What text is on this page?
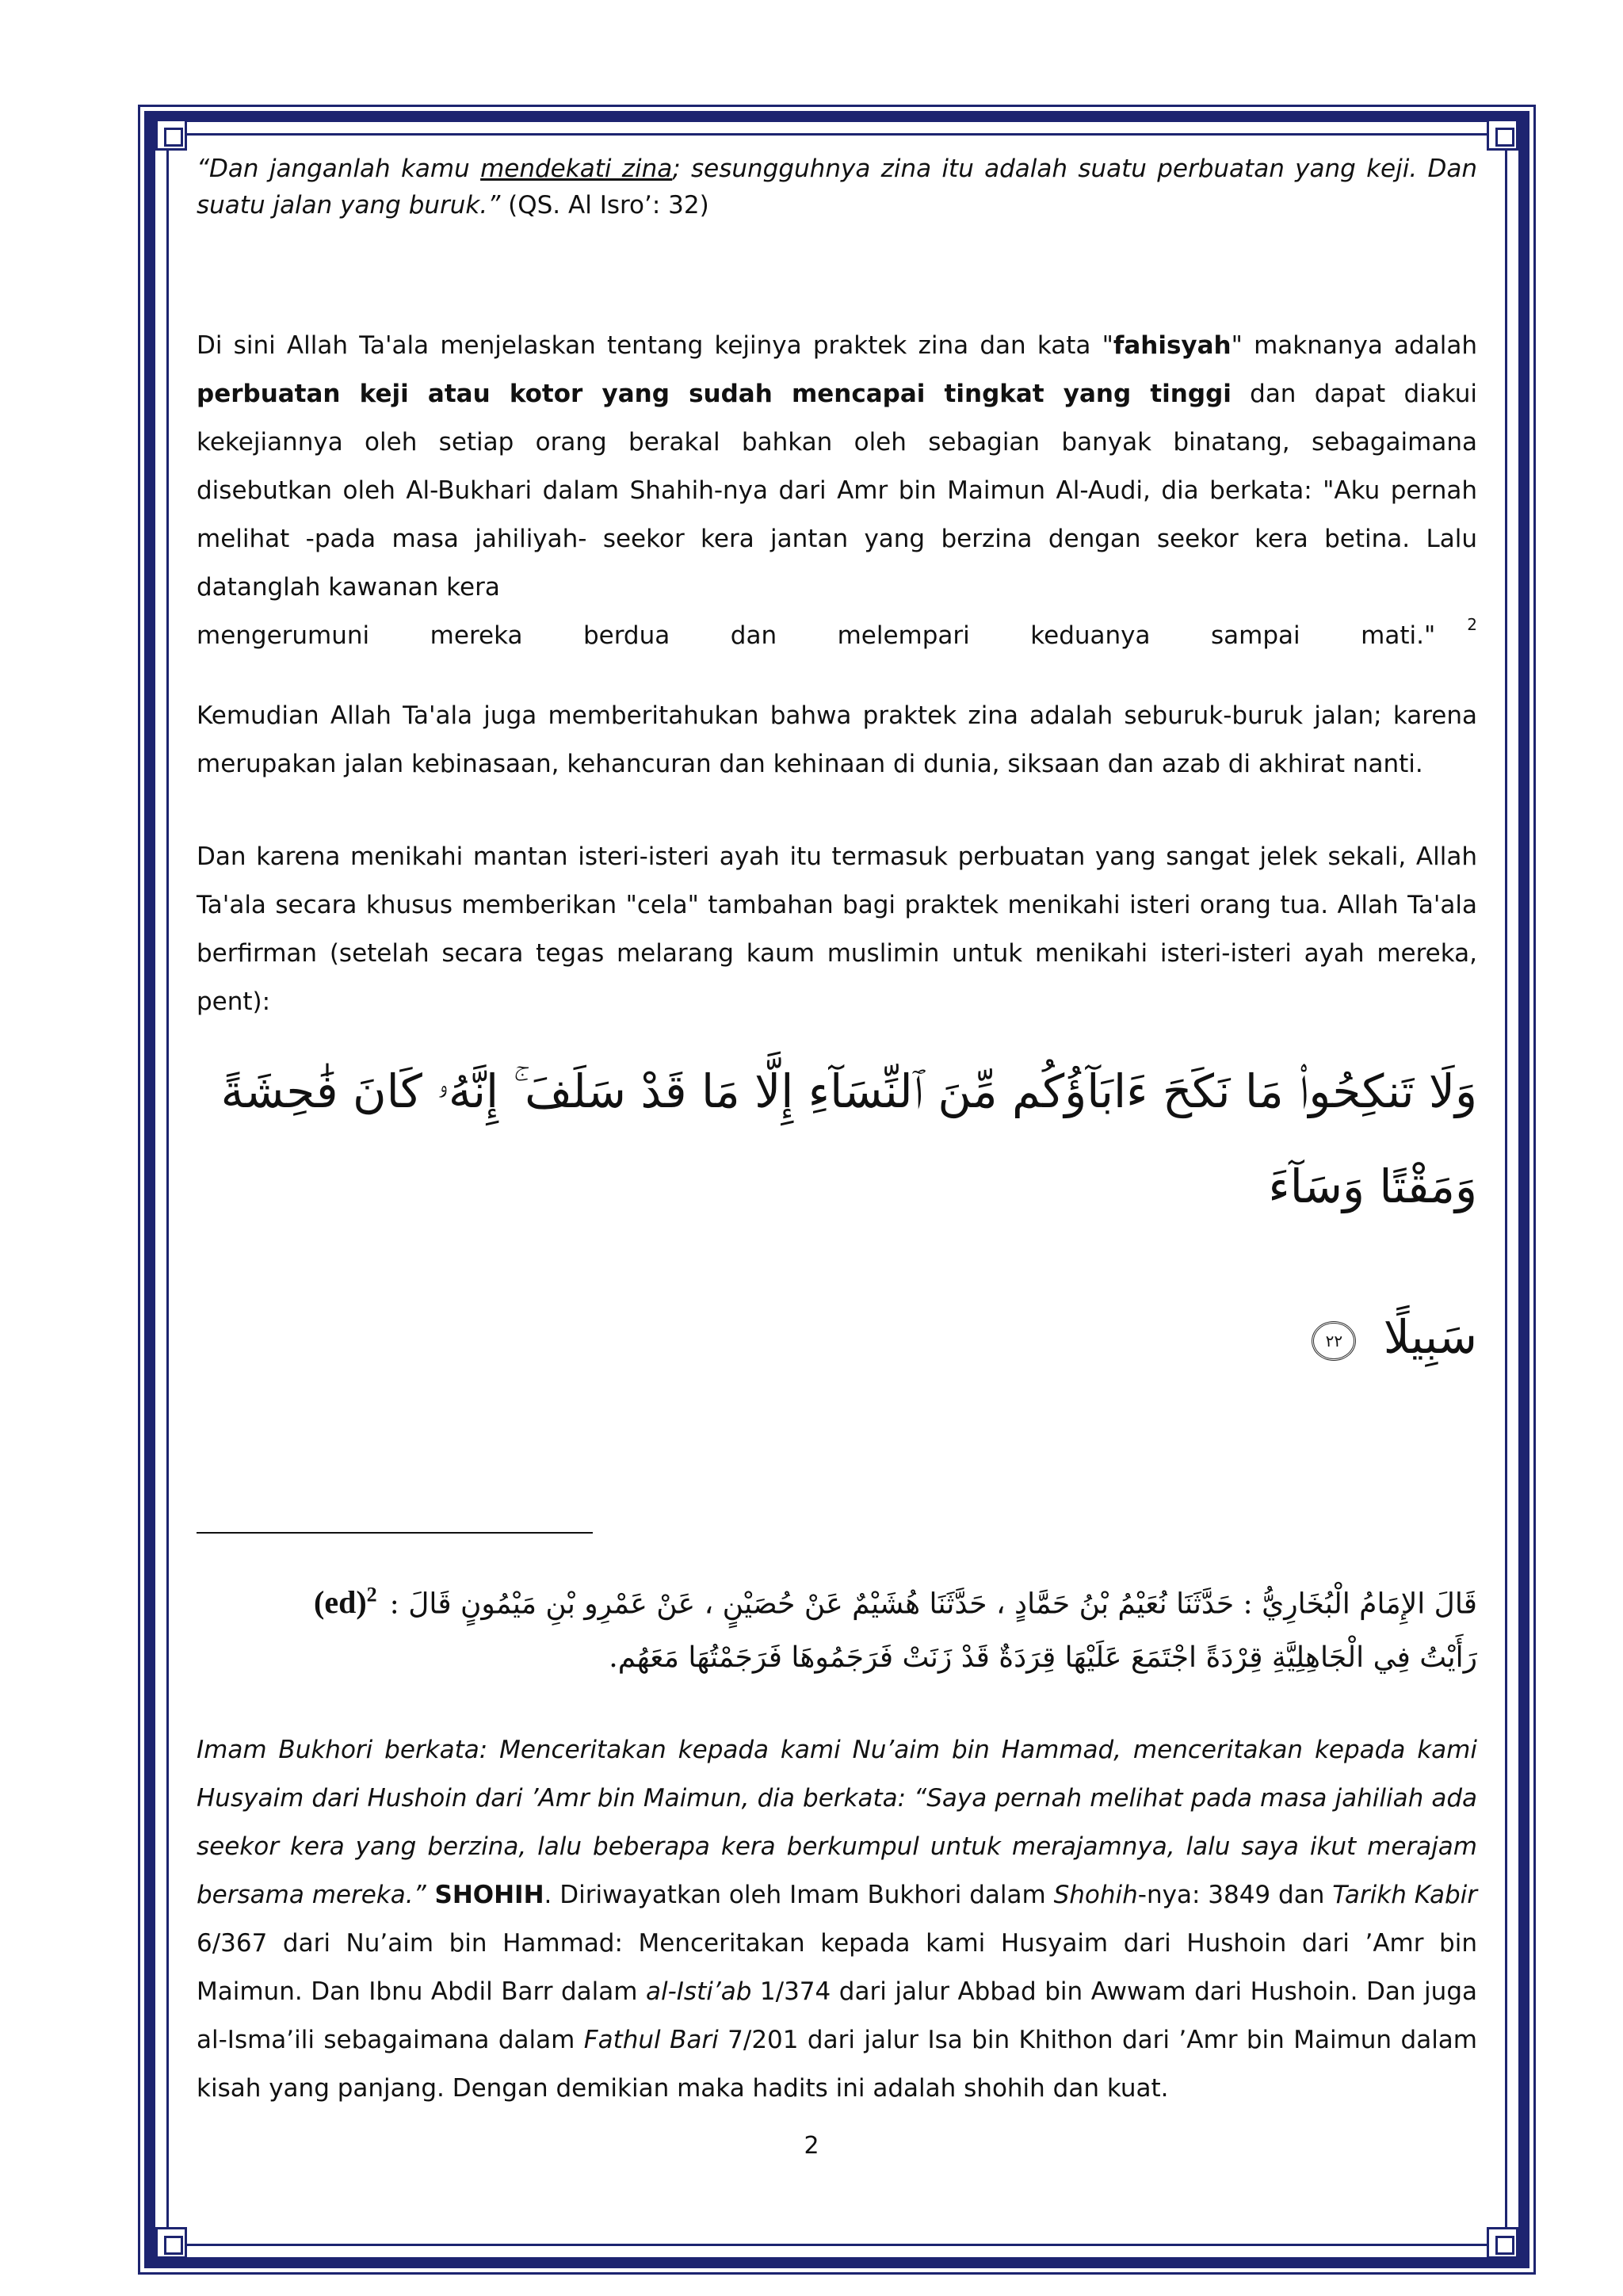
“Dan janganlah kamu mendekati zina; sesungguhnya zina itu adalah suatu perbuatan yang keji. Dan suatu jalan yang buruk.” (QS. Al Isro’: 32)

Di sini Allah Ta'ala menjelaskan tentang kejinya praktek zina dan kata "fahisyah" maknanya adalah perbuatan keji atau kotor yang sudah mencapai tingkat yang tinggi dan dapat diakui kekejiannya oleh setiap orang berakal bahkan oleh sebagian banyak binatang, sebagaimana disebutkan oleh Al-Bukhari dalam Shahih-nya dari Amr bin Maimun Al-Audi, dia berkata: "Aku pernah melihat -pada masa jahiliyah- seekor kera jantan yang berzina dengan seekor kera betina. Lalu datanglah kawanan kera

mengerumuni mereka berdua dan melempari keduanya sampai mati." $^2$

Kemudian Allah Ta'ala juga memberitahukan bahwa praktek zina adalah seburuk-buruk jalan; karena merupakan jalan kebinasaan, kehancuran dan kehinaan di dunia, siksaan dan azab di akhirat nanti.

Dan karena menikahi mantan isteri-isteri ayah itu termasuk perbuatan yang sangat jelek sekali, Allah Ta'ala secara khusus memberikan "cela" tambahan bagi praktek menikahi isteri orang tua. Allah Ta'ala berfirman (setelah secara tegas melarang kaum muslimin untuk menikahi isteri-isteri ayah mereka, pent):

وَلَا تَنكِحُوا۟ مَا نَكَحَ ءَابَآؤُكُم مِّنَ ٱلنِّسَآءِ إِلَّا مَا قَدْ سَلَفَ ۚ إِنَّهُۥ كَانَ فَٰحِشَةً وَمَقْتًا وَسَآءَ

سَبِيلًا ٢٢

قَالَ الإِمَامُ الْبُخَارِيُّ : حَدَّثَنَا نُعَيْمُ بْنُ حَمَّادٍ ، حَدَّثَنَا هُشَيْمٌ عَنْ حُصَيْنٍ ، عَنْ عَمْرِو بْنِ مَيْمُونٍ قَالَ :(ed)$^2$

رَأَيْتُ فِي الْجَاهِلِيَّةِ قِرْدَةً اجْتَمَعَ عَلَيْهَا قِرَدَةٌ قَدْ زَنَتْ فَرَجَمُوهَا فَرَجَمْتُهَا مَعَهُم.

Imam Bukhori berkata: Menceritakan kepada kami Nu’aim bin Hammad, menceritakan kepada kami Husyaim dari Hushoin dari ’Amr bin Maimun, dia berkata: “Saya pernah melihat pada masa jahiliah ada seekor kera yang berzina, lalu beberapa kera berkumpul untuk merajamnya, lalu saya ikut merajam bersama mereka.” SHOHIH. Diriwayatkan oleh Imam Bukhori dalam Shohih-nya: 3849 dan Tarikh Kabir 6/367 dari Nu’aim bin Hammad: Menceritakan kepada kami Husyaim dari Hushoin dari ’Amr bin Maimun. Dan Ibnu Abdil Barr dalam al-Isti’ab 1/374 dari jalur Abbad bin Awwam dari Hushoin. Dan juga al-Isma’ili sebagaimana dalam Fathul Bari 7/201 dari jalur Isa bin Khithon dari ’Amr bin Maimun dalam kisah yang panjang. Dengan demikian maka hadits ini adalah shohih dan kuat.

2
